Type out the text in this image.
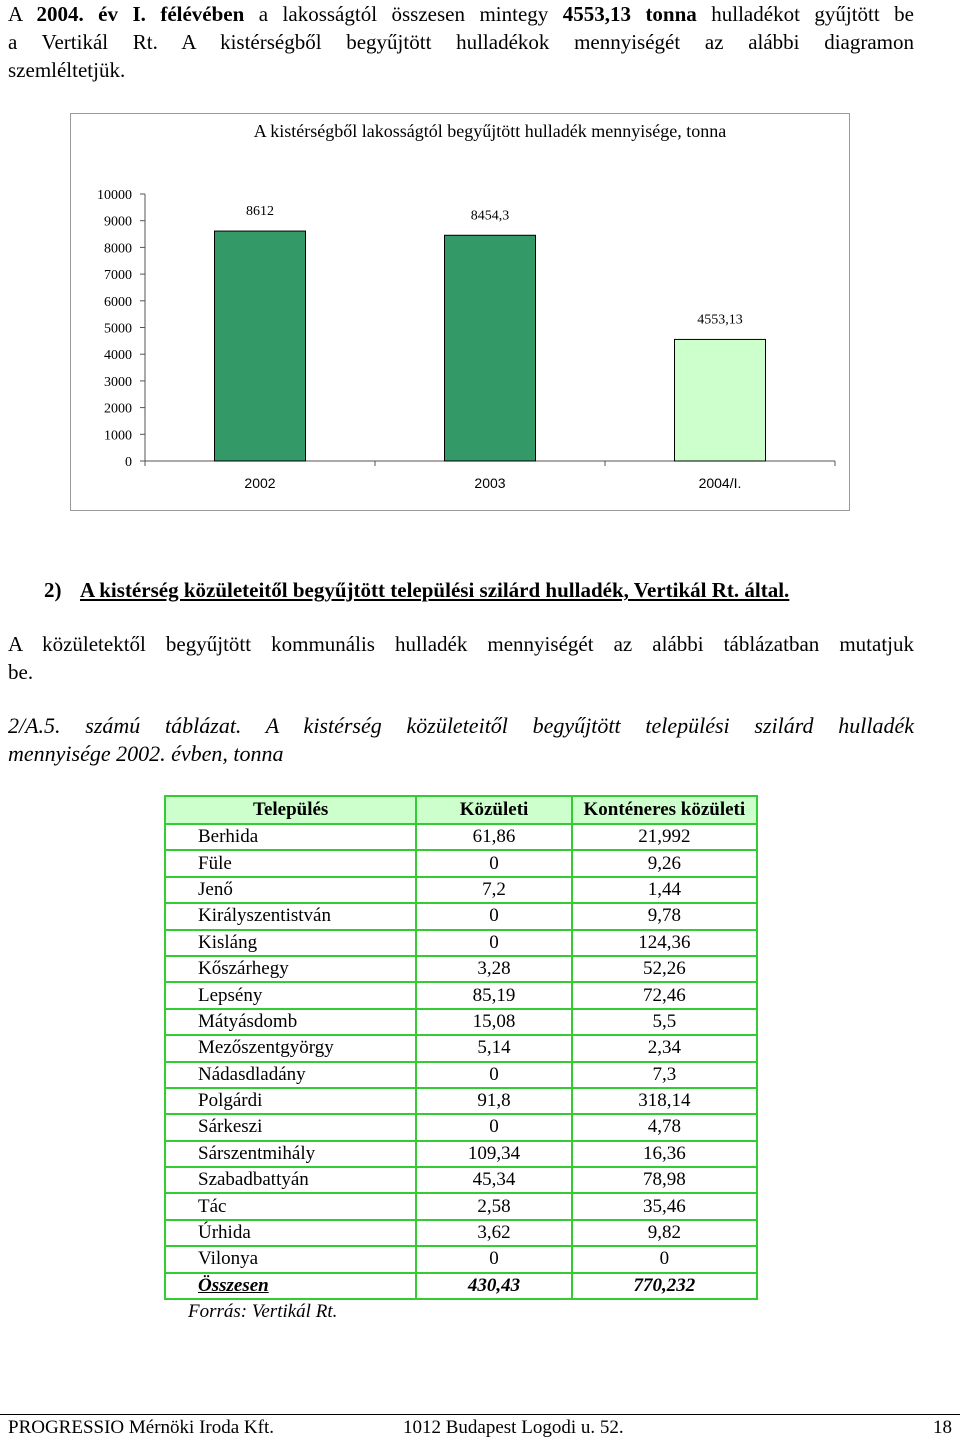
A 2004. év I. félévében a lakosságtól összesen mintegy 4553,13 tonna hulladékot gyűjtött be
a Vertikál Rt. A kistérségből begyűjtött hulladékok mennyiségét az alábbi diagramon
szemléltetjük.
A kistérségből lakosságtól begyűjtött hulladék mennyisége, tonna
0
1000
2000
3000
4000
5000
6000
7000
8000
9000
10000
8612
2002
8454,3
2003
4553,13
2004/I.
2) A kistérség közületeitől begyűjtött települési szilárd hulladék, Vertikál Rt. által.
A közületektől begyűjtött kommunális hulladék mennyiségét az alábbi táblázatban mutatjuk
be.
2/A.5. számú táblázat. A kistérség közületeitől begyűjtött települési szilárd hulladék
mennyisége 2002. évben, tonna
Település	Közületi	Konténeres közületi
Berhida	61,86	21,992
Füle	0	9,26
Jenő	7,2	1,44
Királyszentistván	0	9,78
Kisláng	0	124,36
Kőszárhegy	3,28	52,26
Lepsény	85,19	72,46
Mátyásdomb	15,08	5,5
Mezőszentgyörgy	5,14	2,34
Nádasdladány	0	7,3
Polgárdi	91,8	318,14
Sárkeszi	0	4,78
Sárszentmihály	109,34	16,36
Szabadbattyán	45,34	78,98
Tác	2,58	35,46
Úrhida	3,62	9,82
Vilonya	0	0
Összesen	430,43	770,232
Forrás: Vertikál Rt.
PROGRESSIO Mérnöki Iroda Kft.	1012 Budapest Logodi u. 52.	18
